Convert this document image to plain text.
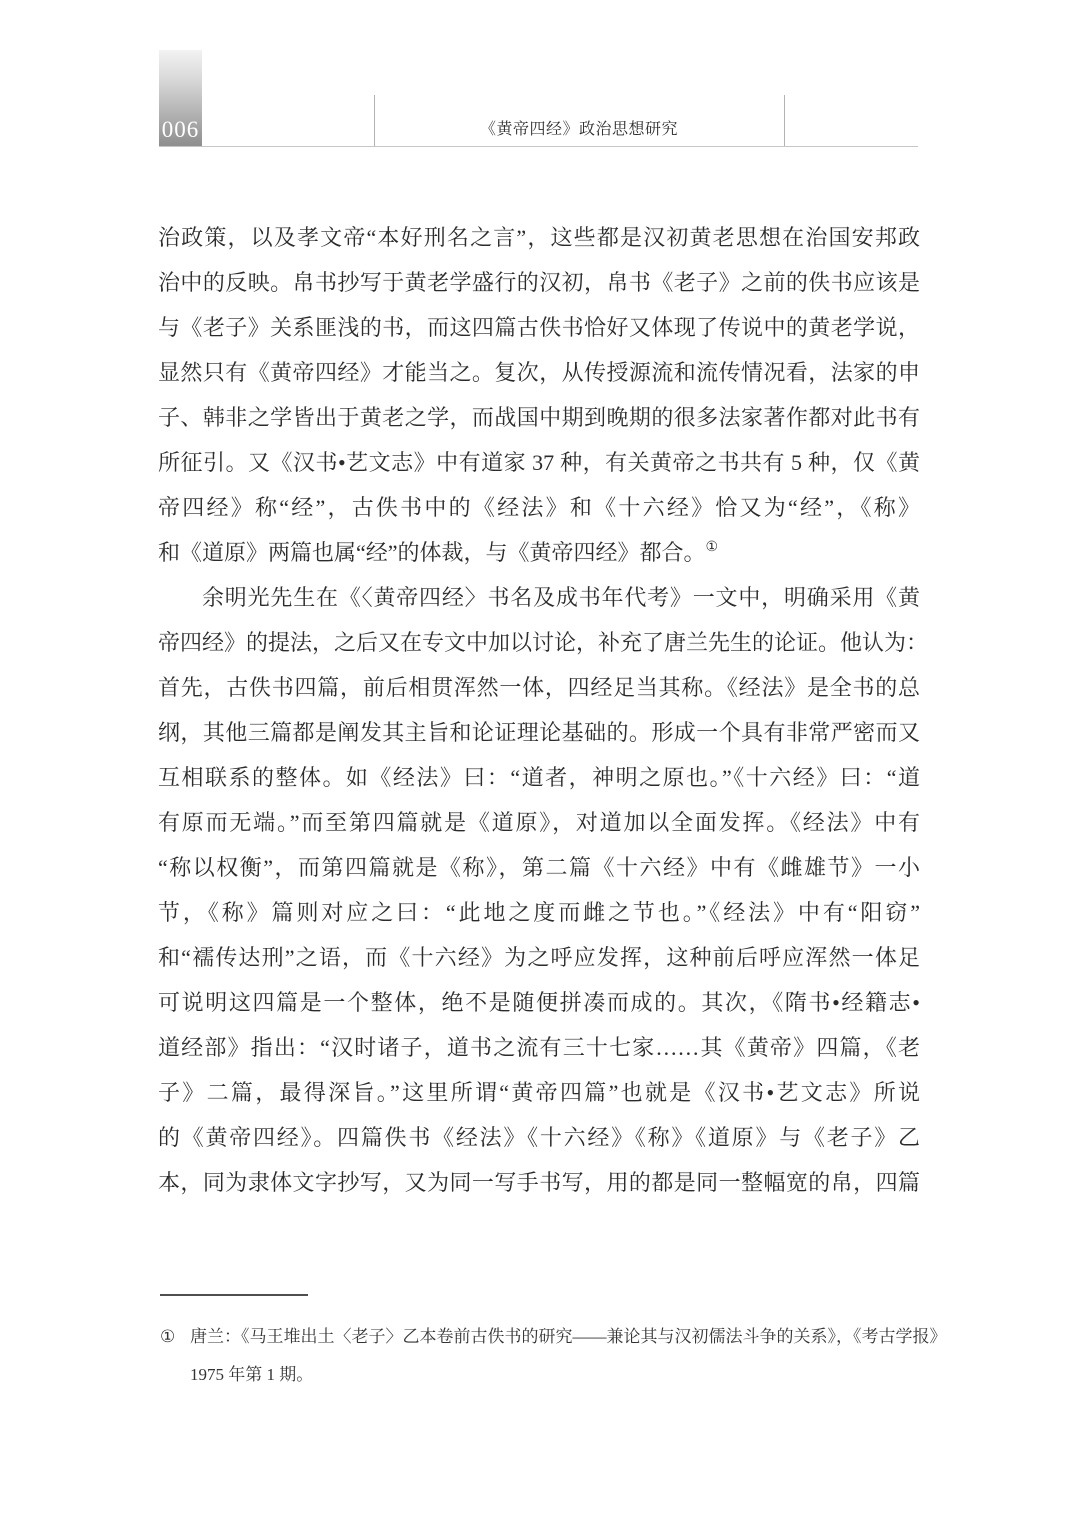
006	《黄帝四经》政治思想研究
治政策，以及孝文帝“本好刑名之言”，这些都是汉初黄老思想在治国安邦政
治中的反映。帛书抄写于黄老学盛行的汉初，帛书《老子》之前的佚书应该是
与《老子》关系匪浅的书，而这四篇古佚书恰好又体现了传说中的黄老学说，
显然只有《黄帝四经》才能当之。复次，从传授源流和流传情况看，法家的申
子、韩非之学皆出于黄老之学，而战国中期到晚期的很多法家著作都对此书有
所征引。又《汉书•艺文志》中有道家 37 种，有关黄帝之书共有 5 种，仅《黄
帝四经》称“经”，古佚书中的《经法》和《十六经》恰又为“经”，《称》
和《道原》两篇也属“经”的体裁，与《黄帝四经》都合。①
余明光先生在《〈黄帝四经〉书名及成书年代考》一文中，明确采用《黄
帝四经》的提法，之后又在专文中加以讨论，补充了唐兰先生的论证。他认为：
首先，古佚书四篇，前后相贯浑然一体，四经足当其称。《经法》是全书的总
纲，其他三篇都是阐发其主旨和论证理论基础的。形成一个具有非常严密而又
互相联系的整体。如《经法》曰：“道者，神明之原也。”《十六经》曰：“道
有原而无端。”而至第四篇就是《道原》，对道加以全面发挥。《经法》中有
“称以权衡”，而第四篇就是《称》，第二篇《十六经》中有《雌雄节》一小
节，《称》篇则对应之曰：“此地之度而雌之节也。”《经法》中有“阳窃”
和“襦传达刑”之语，而《十六经》为之呼应发挥，这种前后呼应浑然一体足
可说明这四篇是一个整体，绝不是随便拼凑而成的。其次，《隋书•经籍志•
道经部》指出：“汉时诸子，道书之流有三十七家……其《黄帝》四篇，《老
子》二篇，最得深旨。”这里所谓“黄帝四篇”也就是《汉书•艺文志》所说
的《黄帝四经》。四篇佚书《经法》《十六经》《称》《道原》与《老子》乙
本，同为隶体文字抄写，又为同一写手书写，用的都是同一整幅宽的帛，四篇
① 唐兰：《马王堆出土〈老子〉乙本卷前古佚书的研究——兼论其与汉初儒法斗争的关系》，《考古学报》
1975 年第 1 期。
